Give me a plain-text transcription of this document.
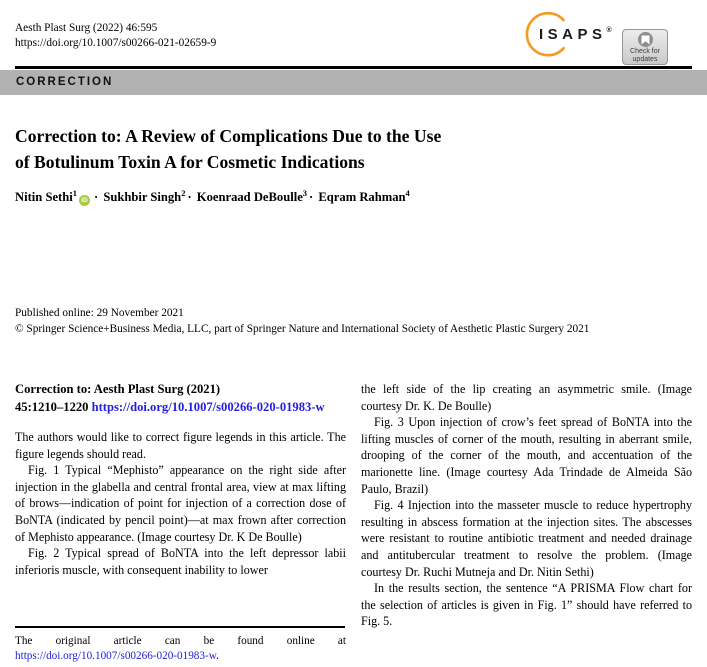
Aesth Plast Surg (2022) 46:595
https://doi.org/10.1007/s00266-021-02659-9	ISAPS®
Check for
updates
CORRECTION
Correction to: A Review of Complications Due to the Use
of Botulinum Toxin A for Cosmetic Indications
Nitin Sethi$^1$iD · Sukhbir Singh$^2$ · Koenraad DeBoulle$^3$ · Eqram Rahman$^4$
Published online: 29 November 2021
© Springer Science+Business Media, LLC, part of Springer Nature and International Society of Aesthetic Plastic Surgery 2021
Correction to: Aesth Plast Surg (2021)
45:1210–1220 https://doi.org/10.1007/s00266-020-01983-w

The authors would like to correct figure legends in this article. The figure legends should read.

Fig. 1 Typical “Mephisto” appearance on the right side after injection in the glabella and central frontal area, view at max lifting of brows—indication of point for injection of a correction dose of BoNTA (indicated by pencil point)—at max frown after correction of Mephisto appearance. (Image courtesy Dr. K De Boulle)

Fig. 2 Typical spread of BoNTA into the left depressor labii inferioris muscle, with consequent inability to lower

the left side of the lip creating an asymmetric smile. (Image courtesy Dr. K. De Boulle)

Fig. 3 Upon injection of crow’s feet spread of BoNTA into the lifting muscles of corner of the mouth, resulting in aberrant smile, drooping of the corner of the mouth, and accentuation of the marionette line. (Image courtesy Ada Trindade de Almeida São Paulo, Brazil)

Fig. 4 Injection into the masseter muscle to reduce hypertrophy resulting in abscess formation at the injection sites. The abscesses were resistant to routine antibiotic treatment and needed drainage and antitubercular treatment to resolve the problem. (Image courtesy Dr. Ruchi Mutneja and Dr. Nitin Sethi)

In the results section, the sentence “A PRISMA Flow chart for the selection of articles is given in Fig. 1” should have referred to Fig. 5.

The original article can be found online at https://doi.org/10.1007/s00266-020-01983-w.
